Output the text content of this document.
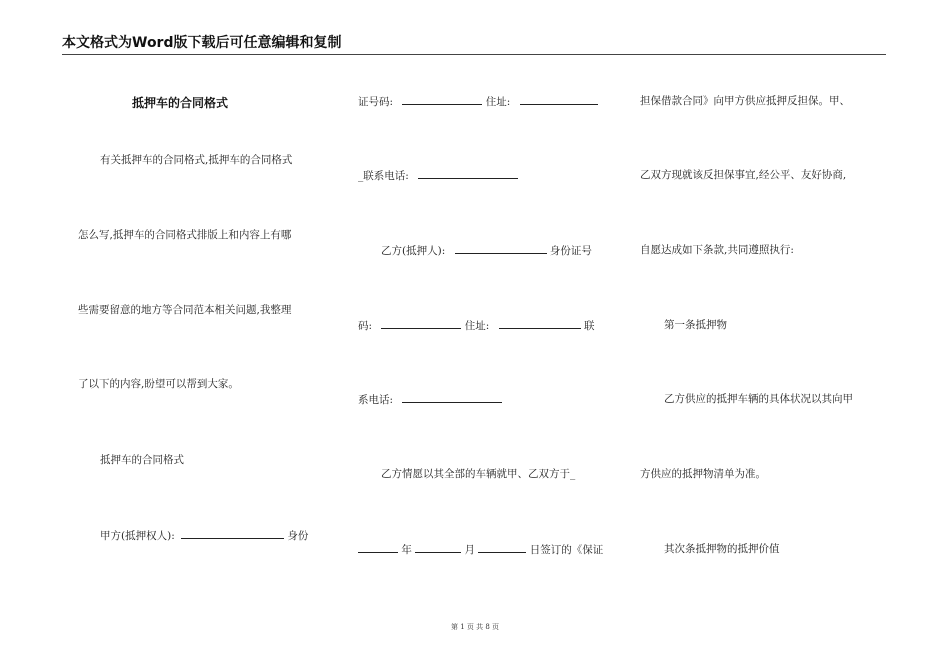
本文格式为Word版下载后可任意编辑和复制
抵押车的合同格式
有关抵押车的合同格式,抵押车的合同格式
怎么写,抵押车的合同格式排版上和内容上有哪
些需要留意的地方等合同范本相关问题,我整理
了以下的内容,盼望可以帮到大家。
抵押车的合同格式
甲方(抵押权人):	身份
证号码:	住址:
_联系电话:
乙方(抵押人):	身份证号
码:	住址:	联
系电话:
乙方情愿以其全部的车辆就甲、乙双方于_
年	月	日签订的《保证
担保借款合同》向甲方供应抵押反担保。甲、
乙双方现就该反担保事宜,经公平、友好协商,
自愿达成如下条款,共同遵照执行:
第一条抵押物
乙方供应的抵押车辆的具体状况以其向甲
方供应的抵押物清单为准。
其次条抵押物的抵押价值
第 1 页 共 8 页
